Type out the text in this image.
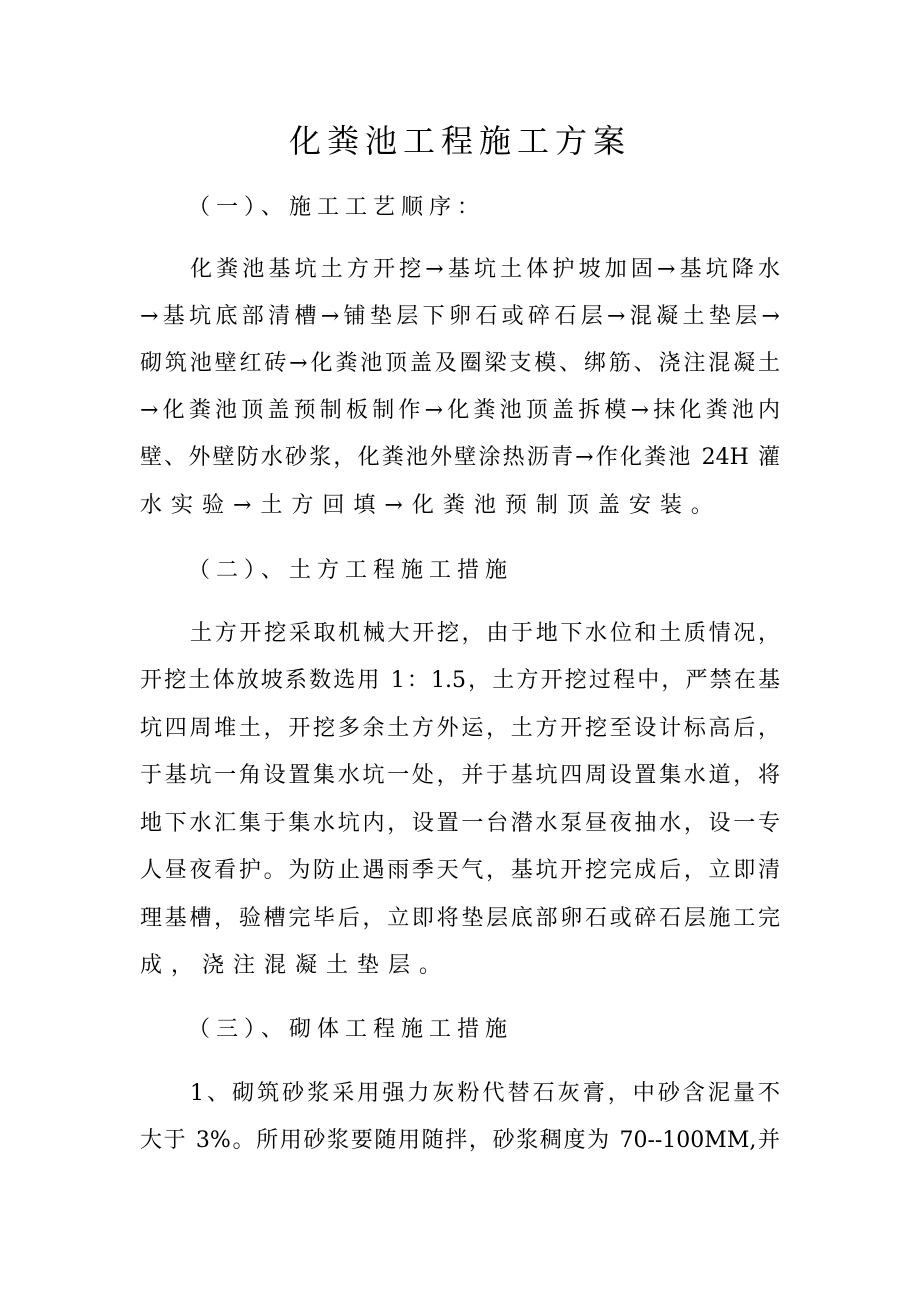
化粪池工程施工方案
（一）、施工工艺顺序：
化粪池基坑土方开挖→基坑土体护坡加固→基坑降水
→基坑底部清槽→铺垫层下卵石或碎石层→混凝土垫层→
砌筑池壁红砖→化粪池顶盖及圈梁支模、绑筋、浇注混凝土
→化粪池顶盖预制板制作→化粪池顶盖拆模→抹化粪池内
壁、外壁防水砂浆，化粪池外壁涂热沥青→作化粪池 24H 灌
水实验→土方回填→化粪池预制顶盖安装。
（二）、土方工程施工措施
土方开挖采取机械大开挖，由于地下水位和土质情况，
开挖土体放坡系数选用 1：1.5，土方开挖过程中，严禁在基
坑四周堆土，开挖多余土方外运，土方开挖至设计标高后，
于基坑一角设置集水坑一处，并于基坑四周设置集水道，将
地下水汇集于集水坑内，设置一台潜水泵昼夜抽水，设一专
人昼夜看护。为防止遇雨季天气，基坑开挖完成后，立即清
理基槽，验槽完毕后，立即将垫层底部卵石或碎石层施工完
成，浇注混凝土垫层。
（三）、砌体工程施工措施
1、砌筑砂浆采用强力灰粉代替石灰膏，中砂含泥量不
大于 3%。所用砂浆要随用随拌，砂浆稠度为 70--100MM,并
